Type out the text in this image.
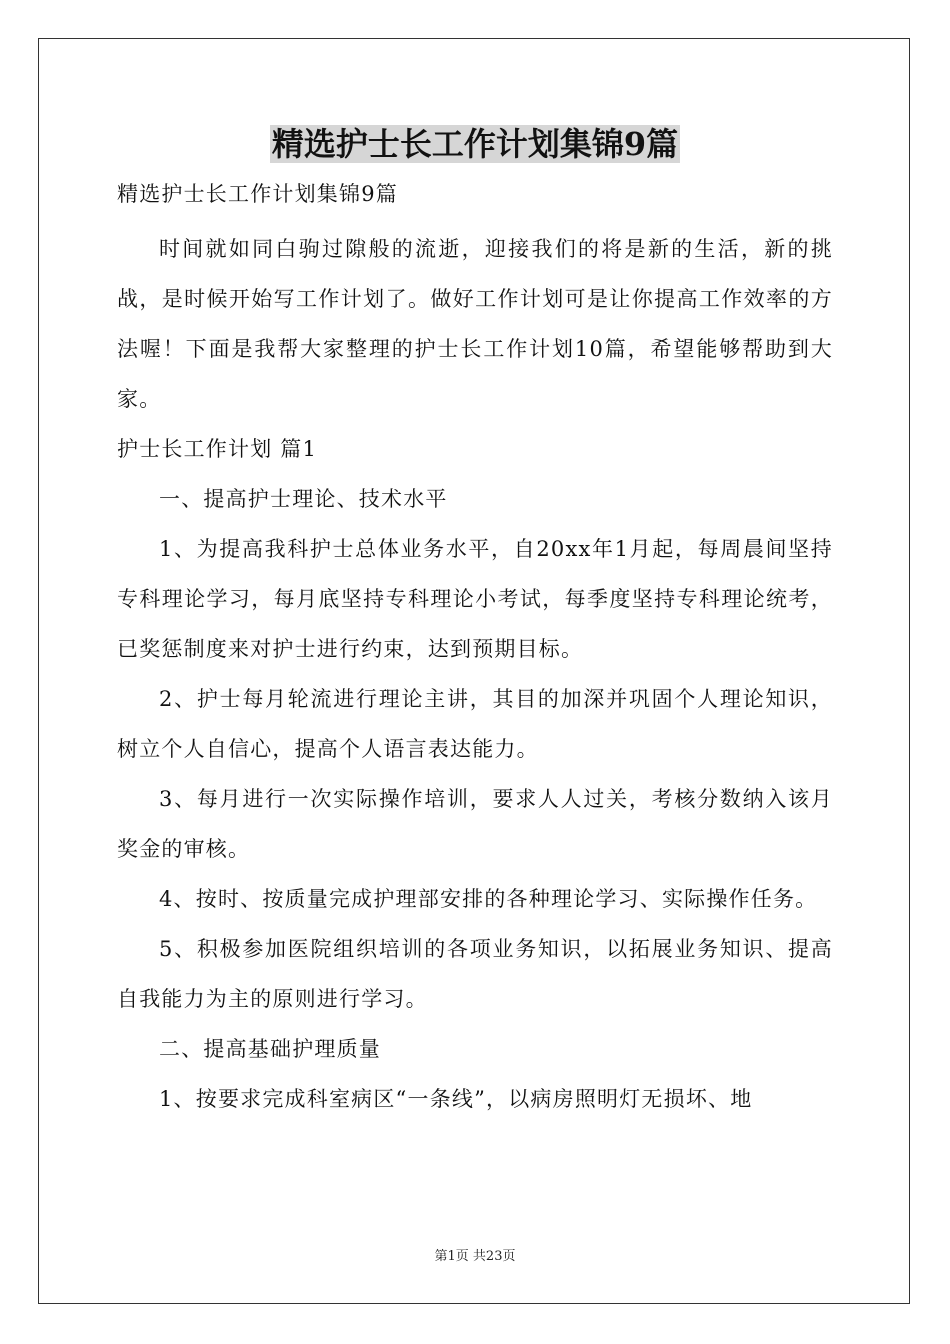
精选护士长工作计划集锦9篇

精选护士长工作计划集锦9篇

时间就如同白驹过隙般的流逝，迎接我们的将是新的生活，新的挑战，是时候开始写工作计划了。做好工作计划可是让你提高工作效率的方法喔！下面是我帮大家整理的护士长工作计划10篇，希望能够帮助到大家。

护士长工作计划 篇1

一、提高护士理论、技术水平

1、为提高我科护士总体业务水平，自20xx年1月起，每周晨间坚持专科理论学习，每月底坚持专科理论小考试，每季度坚持专科理论统考，已奖惩制度来对护士进行约束，达到预期目标。

2、护士每月轮流进行理论主讲，其目的加深并巩固个人理论知识，树立个人自信心，提高个人语言表达能力。

3、每月进行一次实际操作培训，要求人人过关，考核分数纳入该月奖金的审核。

4、按时、按质量完成护理部安排的各种理论学习、实际操作任务。

5、积极参加医院组织培训的各项业务知识，以拓展业务知识、提高自我能力为主的原则进行学习。

二、提高基础护理质量

1、按要求完成科室病区“一条线”，以病房照明灯无损坏、地

第1页 共23页
